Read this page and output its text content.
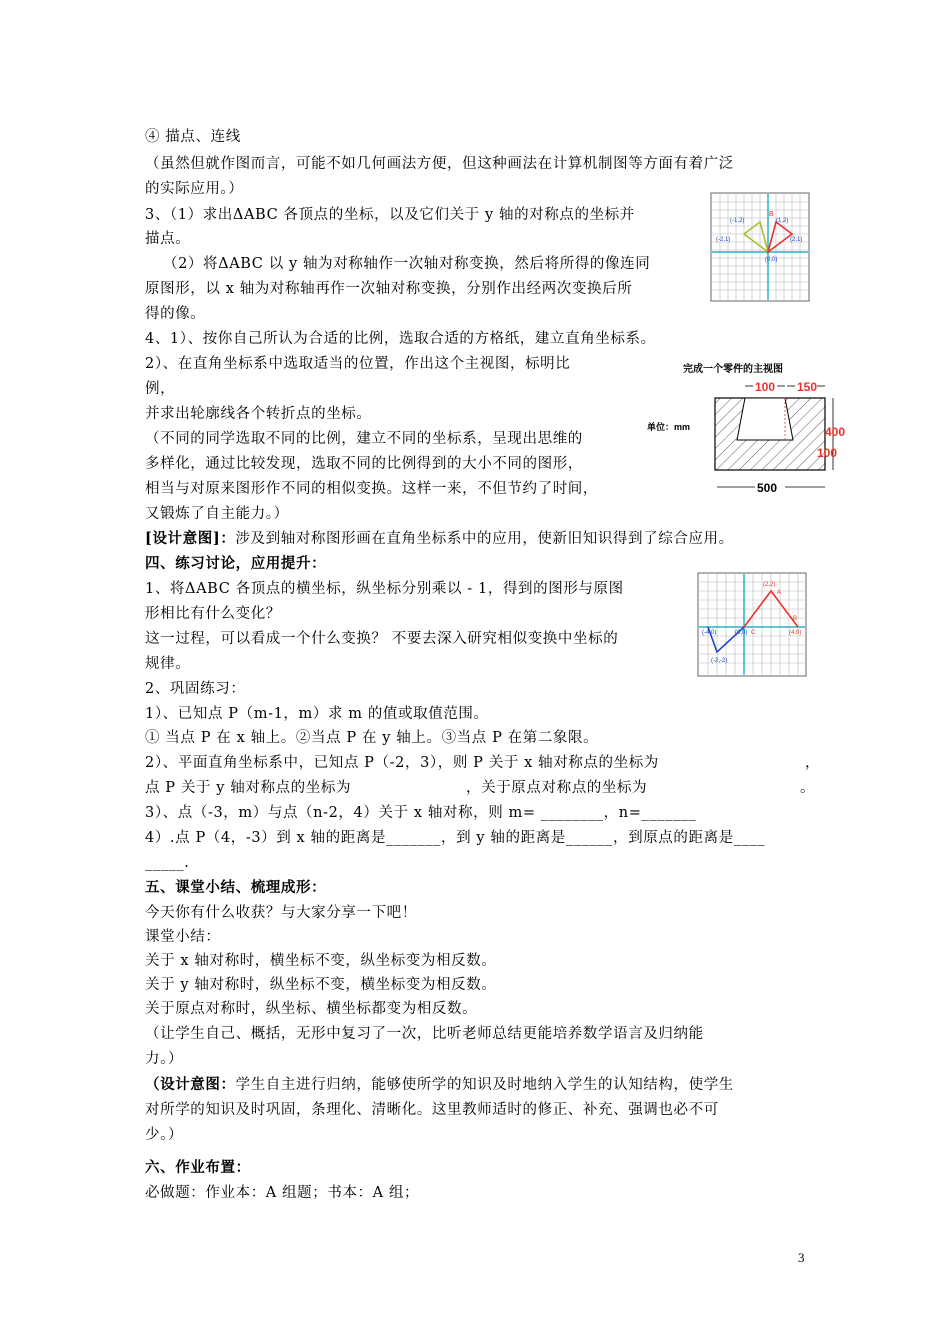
④ 描点、连线
（虽然但就作图而言，可能不如几何画法方便，但这种画法在计算机制图等方面有着广泛
的实际应用。）
3、（1）求出ΔABC 各顶点的坐标，以及它们关于 y 轴的对称点的坐标并
描点。
（2）将ΔABC 以 y 轴为对称轴作一次轴对称变换，然后将所得的像连同
原图形，以 x 轴为对称轴再作一次轴对称变换，分别作出经两次变换后所
得的像。
4、1）、按你自己所认为合适的比例，选取合适的方格纸，建立直角坐标系。
2）、在直角坐标系中选取适当的位置，作出这个主视图，标明比
例，
并求出轮廓线各个转折点的坐标。
（不同的同学选取不同的比例，建立不同的坐标系，呈现出思维的
多样化，通过比较发现，选取不同的比例得到的大小不同的图形，
相当与对原来图形作不同的相似变换。这样一来，不但节约了时间，
又锻炼了自主能力。）
[设计意图]：涉及到轴对称图形画在直角坐标系中的应用，使新旧知识得到了综合应用。
四、练习讨论，应用提升：
1、将ΔABC 各顶点的横坐标，纵坐标分别乘以 - 1，得到的图形与原图
形相比有什么变化？
这一过程，可以看成一个什么变换？ 不要去深入研究相似变换中坐标的
规律。
2、巩固练习：
1）、已知点 P（m-1，m）求 m 的值或取值范围。
① 当点 P 在 x 轴上。②当点 P 在 y 轴上。③当点 P 在第二象限。
2）、平面直角坐标系中，已知点 P（-2，3），则 P 关于 x 轴对称点的坐标为	，
点 P 关于 y 轴对称点的坐标为	，关于原点对称点的坐标为	。
3）、点（-3，m）与点（n-2，4）关于 x 轴对称，则 m= ________，n=_______
4）.点 P（4，-3）到 x 轴的距离是_______，到 y 轴的距离是______，到原点的距离是____
_____.
五、课堂小结、梳理成形：
今天你有什么收获？与大家分享一下吧！
课堂小结：
关于 x 轴对称时，横坐标不变，纵坐标变为相反数。
关于 y 轴对称时，纵坐标不变，横坐标变为相反数。
关于原点对称时，纵坐标、横坐标都变为相反数。
（让学生自己、概括，无形中复习了一次，比听老师总结更能培养数学语言及归纳能
力。）
（设计意图：学生自主进行归纳，能够使所学的知识及时地纳入学生的认知结构，使学生
对所学的知识及时巩固，条理化、清晰化。这里教师适时的修正、补充、强调也必不可
少。）
六、作业布置：
必做题：作业本：A 组题；书本：A 组；
3
B
(-1,2)	(1,2)
(-2,1)	(2,1)
(0,0)
完成一个零件的主视图
100 150
单位：mm	400
100
500
(2,2)
A
B
(-4,0)	(0,0) C	(4,0)
(-2,-2)
